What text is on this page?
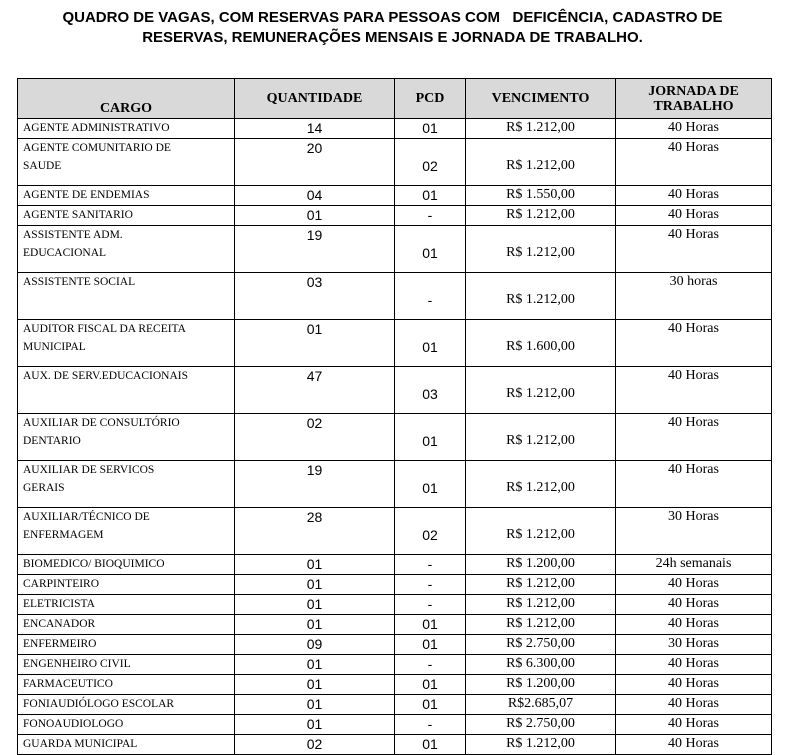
QUADRO DE VAGAS, COM RESERVAS PARA PESSOAS COM   DEFICÊNCIA, CADASTRO DE
RESERVAS, REMUNERAÇÕES MENSAIS E JORNADA DE TRABALHO.
CARGO	QUANTIDADE	PCD	VENCIMENTO	JORNADA DE
TRABALHO

AGENTE ADMINISTRATIVO	14	01	R$ 1.212,00	40 Horas

AGENTE COMUNITARIO DE
SAUDE	20	02	R$ 1.212,00	40 Horas

AGENTE DE ENDEMIAS	04	01	R$ 1.550,00	40 Horas

AGENTE SANITARIO	01	-	R$ 1.212,00	40 Horas

ASSISTENTE ADM.
EDUCACIONAL	19	01	R$ 1.212,00	40 Horas

ASSISTENTE SOCIAL	03	-	R$ 1.212,00	30 horas

AUDITOR FISCAL DA RECEITA
MUNICIPAL	01	01	R$ 1.600,00	40 Horas

AUX. DE SERV.EDUCACIONAIS	47	03	R$ 1.212,00	40 Horas

AUXILIAR DE CONSULTÓRIO
DENTARIO	02	01	R$ 1.212,00	40 Horas

AUXILIAR DE SERVICOS
GERAIS	19	01	R$ 1.212,00	40 Horas

AUXILIAR/TÉCNICO DE
ENFERMAGEM	28	02	R$ 1.212,00	30 Horas

BIOMEDICO/ BIOQUIMICO	01	-	R$ 1.200,00	24h semanais

CARPINTEIRO	01	-	R$ 1.212,00	40 Horas

ELETRICISTA	01	-	R$ 1.212,00	40 Horas

ENCANADOR	01	01	R$ 1.212,00	40 Horas

ENFERMEIRO	09	01	R$ 2.750,00	30 Horas

ENGENHEIRO CIVIL	01	-	R$ 6.300,00	40 Horas

FARMACEUTICO	01	01	R$ 1.200,00	40 Horas

FONIAUDIÓLOGO ESCOLAR	01	01	R$2.685,07	40 Horas

FONOAUDIOLOGO	01	-	R$ 2.750,00	40 Horas

GUARDA MUNICIPAL	02	01	R$ 1.212,00	40 Horas
